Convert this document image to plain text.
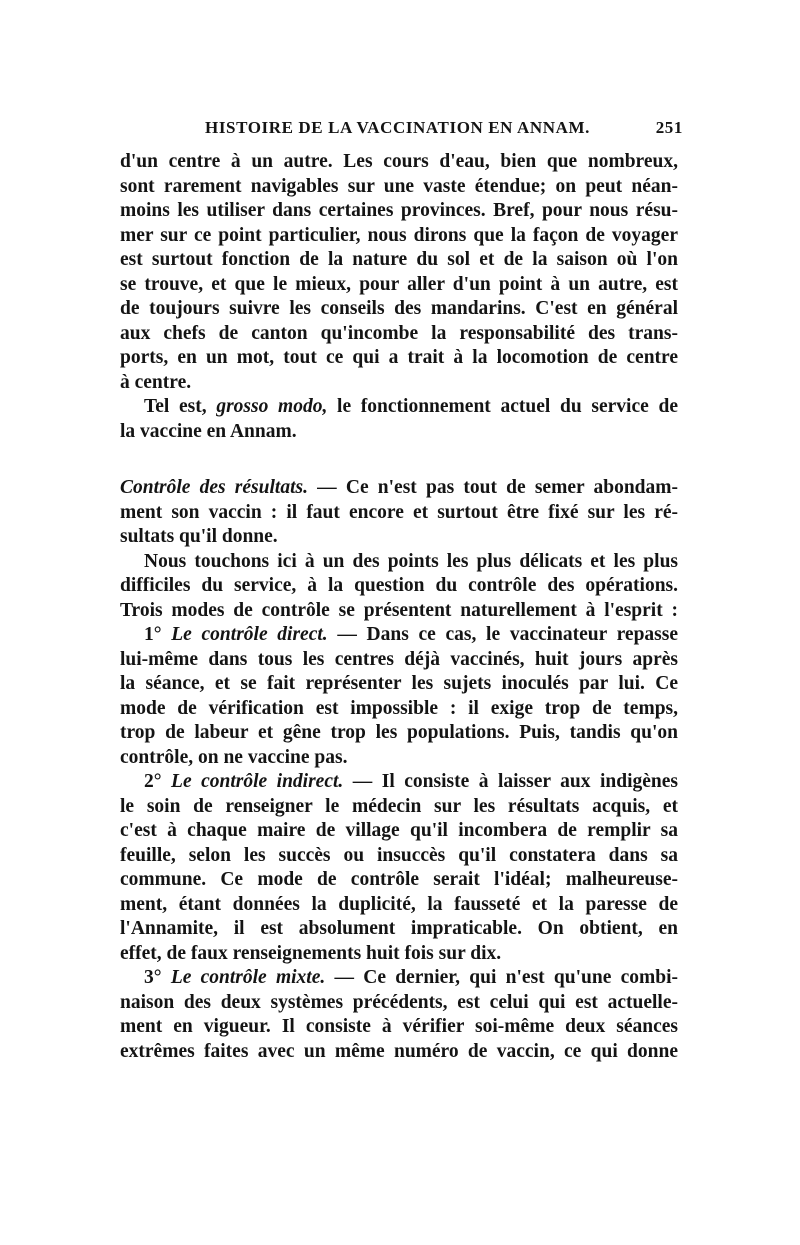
HISTOIRE DE LA VACCINATION EN ANNAM.	251
d'un centre à un autre. Les cours d'eau, bien que nombreux,
sont rarement navigables sur une vaste étendue; on peut néan-
moins les utiliser dans certaines provinces. Bref, pour nous résu-
mer sur ce point particulier, nous dirons que la façon de voyager
est surtout fonction de la nature du sol et de la saison où l'on
se trouve, et que le mieux, pour aller d'un point à un autre, est
de toujours suivre les conseils des mandarins. C'est en général
aux chefs de canton qu'incombe la responsabilité des trans-
ports, en un mot, tout ce qui a trait à la locomotion de centre
à centre.
Tel est, grosso modo, le fonctionnement actuel du service de
la vaccine en Annam.
Contrôle des résultats. — Ce n'est pas tout de semer abondam-
ment son vaccin : il faut encore et surtout être fixé sur les ré-
sultats qu'il donne.
Nous touchons ici à un des points les plus délicats et les plus
difficiles du service, à la question du contrôle des opérations.
Trois modes de contrôle se présentent naturellement à l'esprit :
1° Le contrôle direct. — Dans ce cas, le vaccinateur repasse
lui-même dans tous les centres déjà vaccinés, huit jours après
la séance, et se fait représenter les sujets inoculés par lui. Ce
mode de vérification est impossible : il exige trop de temps,
trop de labeur et gêne trop les populations. Puis, tandis qu'on
contrôle, on ne vaccine pas.
2° Le contrôle indirect. — Il consiste à laisser aux indigènes
le soin de renseigner le médecin sur les résultats acquis, et
c'est à chaque maire de village qu'il incombera de remplir sa
feuille, selon les succès ou insuccès qu'il constatera dans sa
commune. Ce mode de contrôle serait l'idéal; malheureuse-
ment, étant données la duplicité, la fausseté et la paresse de
l'Annamite, il est absolument impraticable. On obtient, en
effet, de faux renseignements huit fois sur dix.
3° Le contrôle mixte. — Ce dernier, qui n'est qu'une combi-
naison des deux systèmes précédents, est celui qui est actuelle-
ment en vigueur. Il consiste à vérifier soi-même deux séances
extrêmes faites avec un même numéro de vaccin, ce qui donne
